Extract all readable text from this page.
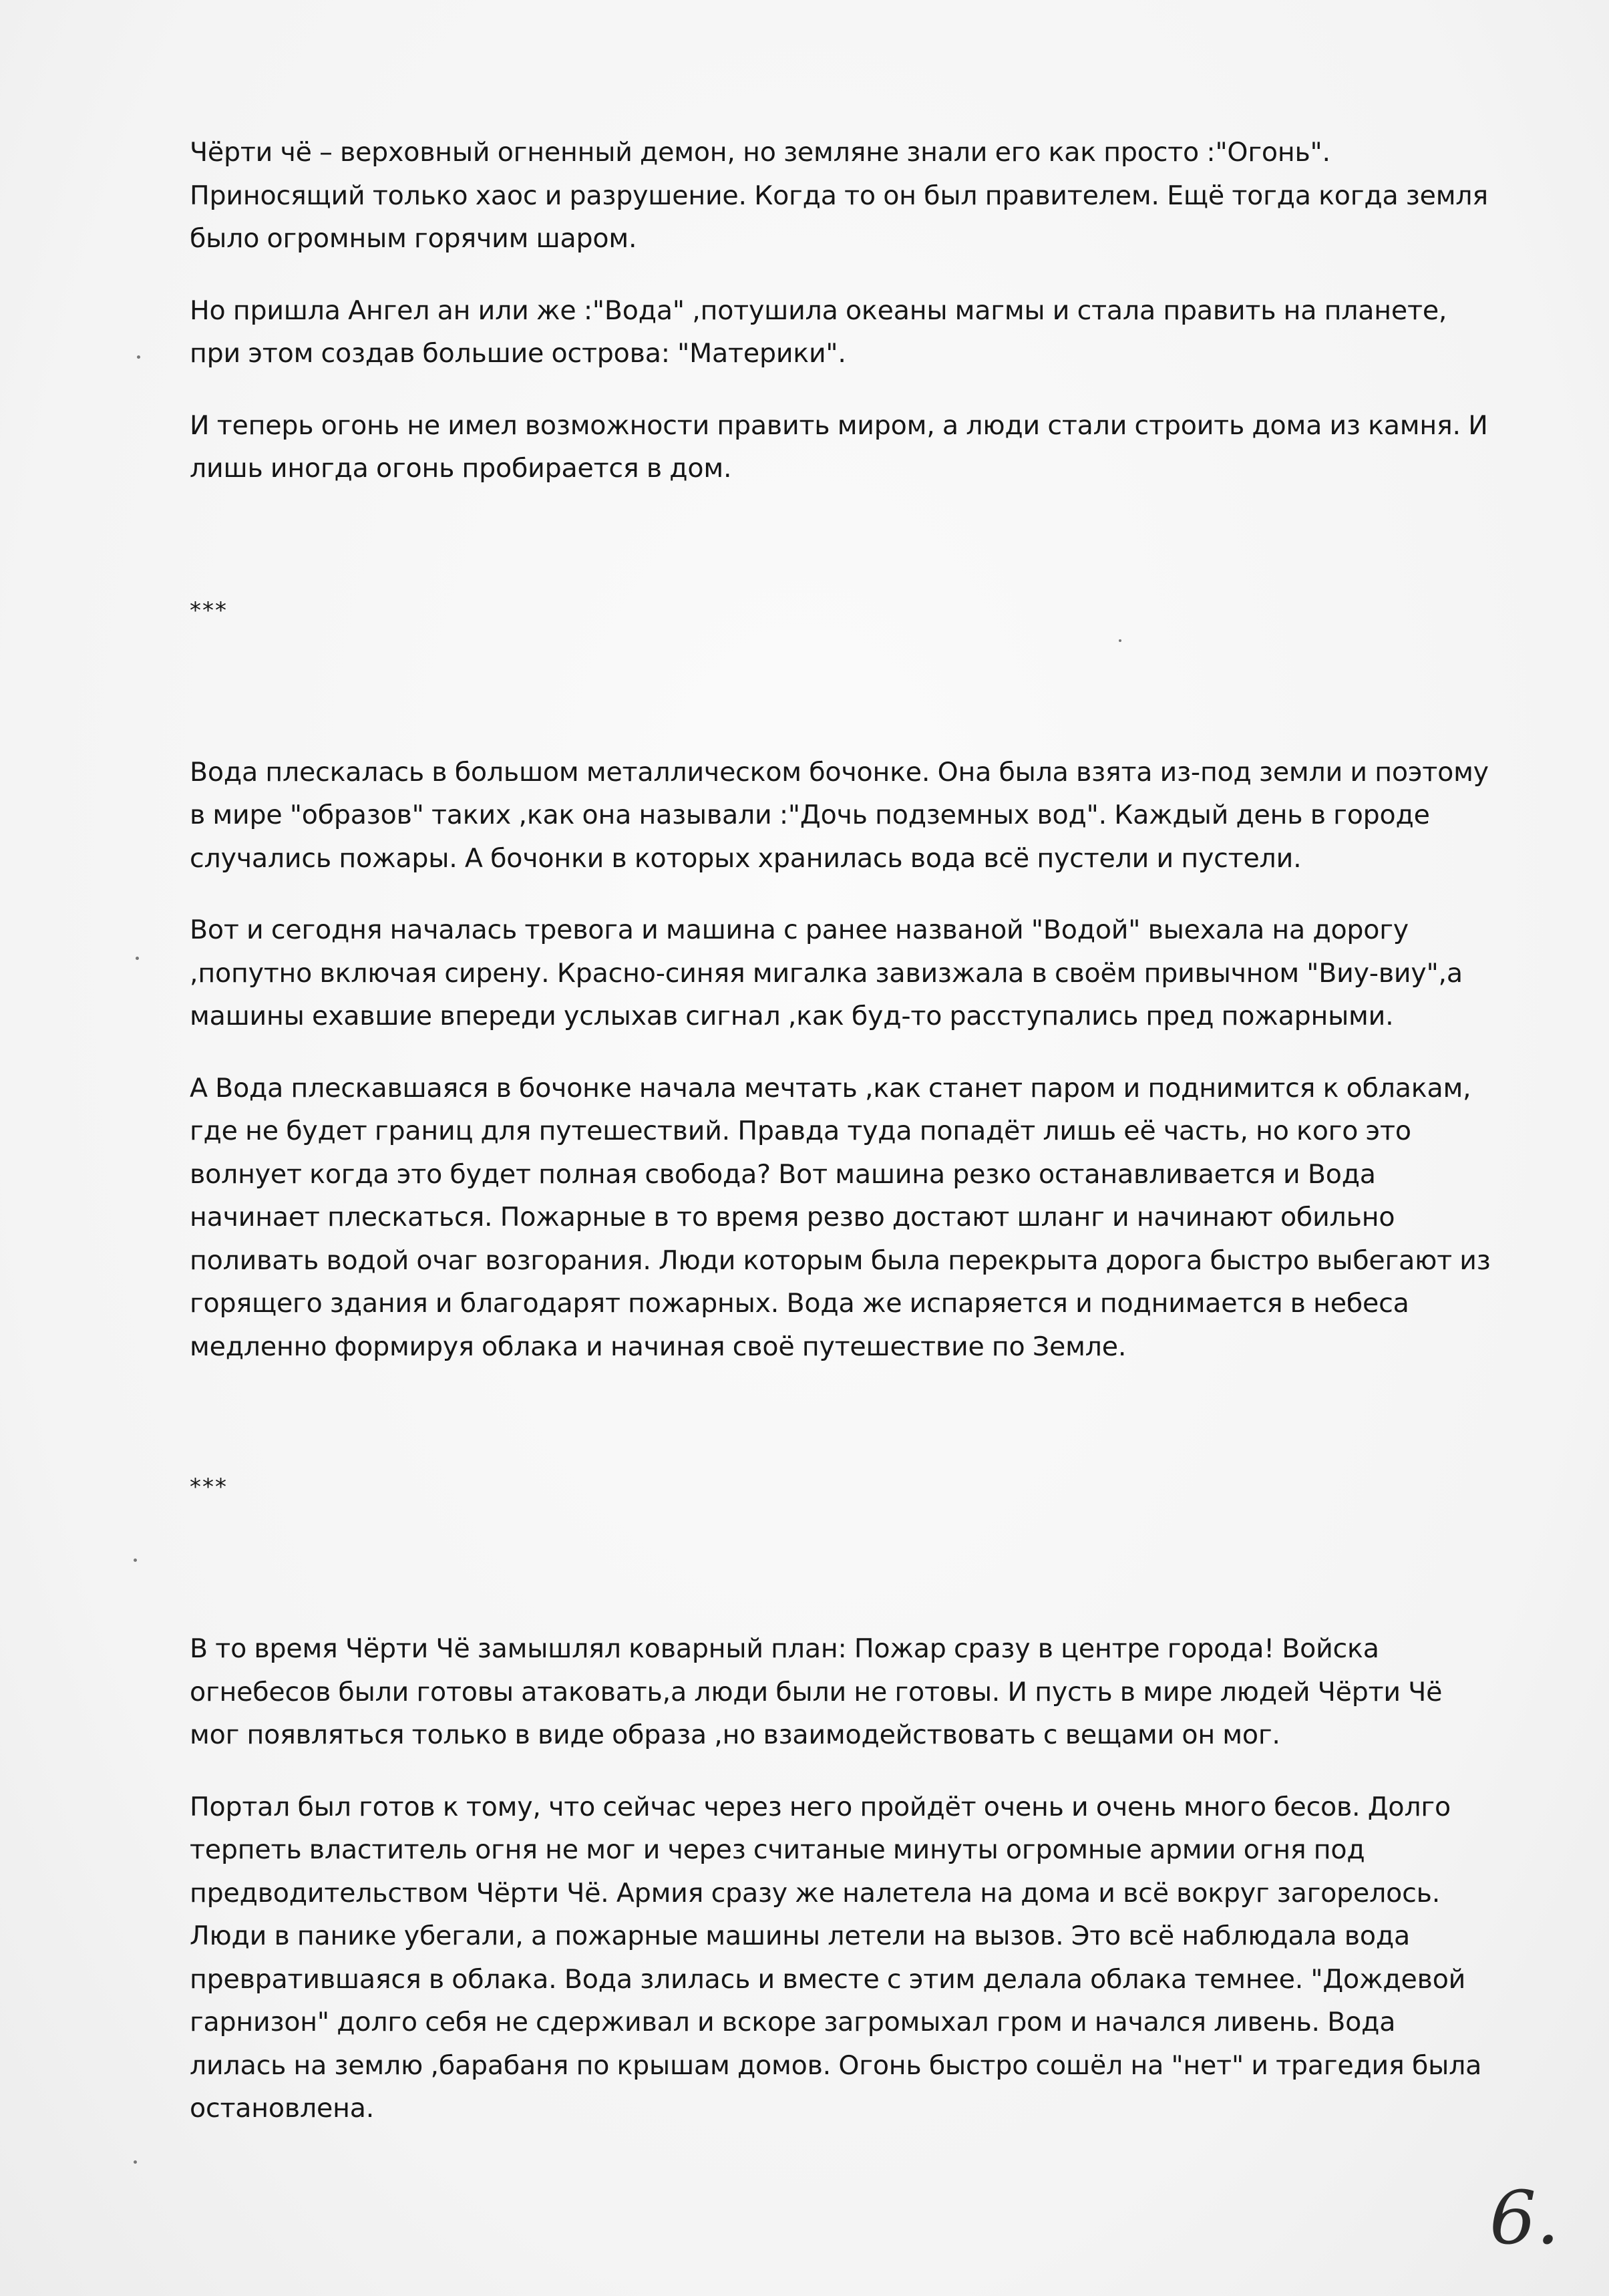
Чёрти чё – верховный огненный демон, но земляне знали его как просто :"Огонь". Приносящий только хаос и разрушение. Когда то он был правителем. Ещё тогда когда земля было огромным горячим шаром.

Но пришла Ангел ан или же :"Вода" ,потушила океаны магмы и стала править на планете, при этом создав большие острова: "Материки".

И теперь огонь не имел возможности править миром, а люди стали строить дома из камня. И лишь иногда огонь пробирается в дом.

***

Вода плескалась в большом металлическом бочонке. Она была взята из-под земли и поэтому в мире "образов" таких ,как она называли :"Дочь подземных вод". Каждый день в городе случались пожары. А бочонки в которых хранилась вода всё пустели и пустели.

Вот и сегодня началась тревога и машина с ранее названой "Водой" выехала на дорогу ,попутно включая сирену. Красно-синяя мигалка завизжала в своём привычном "Виу-виу",а машины ехавшие впереди услыхав сигнал ,как буд-то расступались пред пожарными.

А Вода плескавшаяся в бочонке начала мечтать ,как станет паром и поднимится к облакам, где не будет границ для путешествий. Правда туда попадёт лишь её часть, но кого это волнует когда это будет полная свобода? Вот машина резко останавливается и Вода начинает плескаться. Пожарные в то время резво достают шланг и начинают обильно поливать водой очаг возгорания. Люди которым была перекрыта дорога быстро выбегают из горящего здания и благодарят пожарных. Вода же испаряется и поднимается в небеса медленно формируя облака и начиная своё путешествие по Земле.

***

В то время Чёрти Чё замышлял коварный план: Пожар сразу в центре города! Войска огнебесов были готовы атаковать,а люди были не готовы. И пусть в мире людей Чёрти Чё мог появляться только в виде образа ,но взаимодействовать с вещами он мог.

Портал был готов к тому, что сейчас через него пройдёт очень и очень много бесов. Долго терпеть властитель огня не мог и через считаные минуты огромные армии огня под предводительством Чёрти Чё. Армия сразу же налетела на дома и всё вокруг загорелось. Люди в панике убегали, а пожарные машины летели на вызов. Это всё наблюдала вода превратившаяся в облака. Вода злилась и вместе с этим делала облака темнее. "Дождевой гарнизон" долго себя не сдерживал и вскоре загромыхал гром и начался ливень. Вода лилась на землю ,барабаня по крышам домов. Огонь быстро сошёл на "нет" и трагедия была остановлена.

6.
